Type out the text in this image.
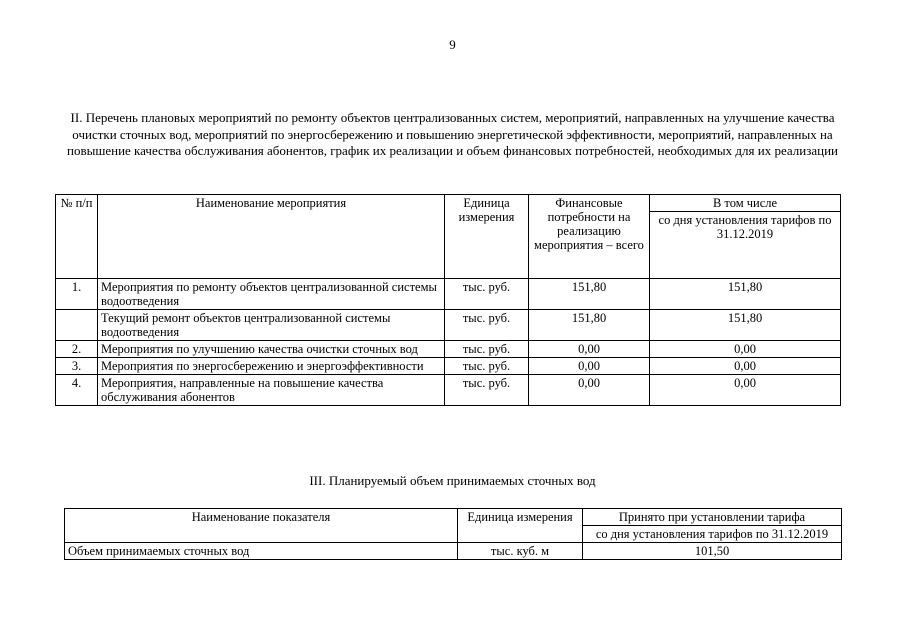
9
II. Перечень плановых мероприятий по ремонту объектов централизованных систем, мероприятий, направленных на улучшение качества очистки сточных вод, мероприятий по энергосбережению и повышению энергетической эффективности, мероприятий, направленных на повышение качества обслуживания абонентов, график их реализации и объем финансовых потребностей, необходимых для их реализации
№ п/п	Наименование мероприятия	Единица измерения	Финансовые потребности на реализацию мероприятия – всего	В том числе
				со дня установления тарифов по 31.12.2019
1.	Мероприятия по ремонту объектов централизованной системы водоотведения	тыс. руб.	151,80	151,80
	Текущий ремонт объектов централизованной системы водоотведения	тыс. руб.	151,80	151,80
2.	Мероприятия по улучшению качества очистки сточных вод	тыс. руб.	0,00	0,00
3.	Мероприятия по энергосбережению и энергоэффективности	тыс. руб.	0,00	0,00
4.	Мероприятия, направленные на повышение качества обслуживания абонентов	тыс. руб.	0,00	0,00
III. Планируемый объем принимаемых сточных вод
Наименование показателя	Единица измерения	Принято при установлении тарифа
		со дня установления тарифов по 31.12.2019
Объем принимаемых сточных вод	тыс. куб. м	101,50
